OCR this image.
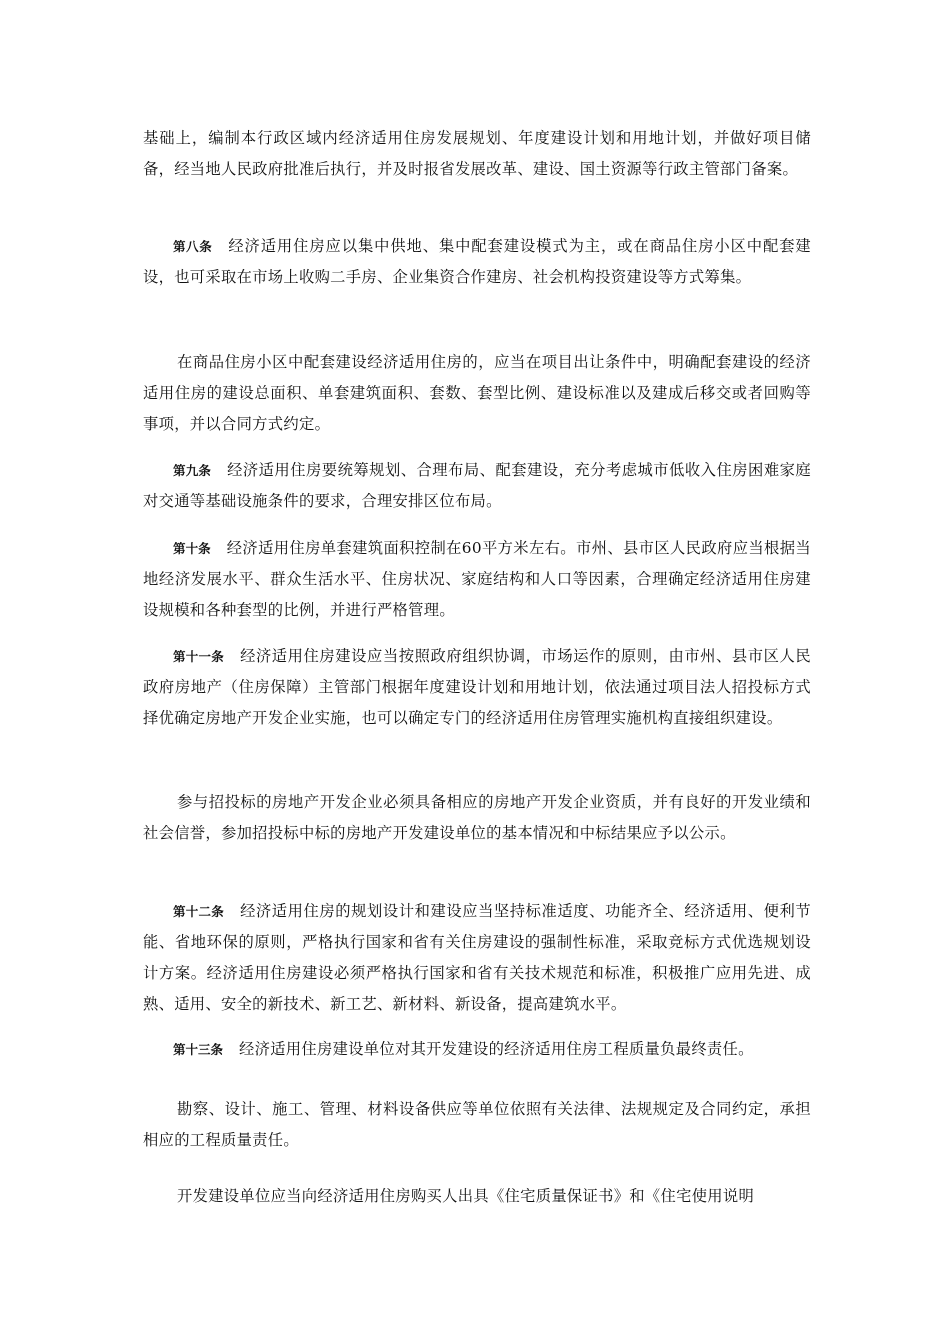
基础上，编制本行政区域内经济适用住房发展规划、年度建设计划和用地计划，并做好项目储备，经当地人民政府批准后执行，并及时报省发展改革、建设、国土资源等行政主管部门备案。

第八条 经济适用住房应以集中供地、集中配套建设模式为主，或在商品住房小区中配套建设，也可采取在市场上收购二手房、企业集资合作建房、社会机构投资建设等方式筹集。

在商品住房小区中配套建设经济适用住房的，应当在项目出让条件中，明确配套建设的经济适用住房的建设总面积、单套建筑面积、套数、套型比例、建设标准以及建成后移交或者回购等事项，并以合同方式约定。

第九条 经济适用住房要统筹规划、合理布局、配套建设，充分考虑城市低收入住房困难家庭对交通等基础设施条件的要求，合理安排区位布局。

第十条 经济适用住房单套建筑面积控制在60平方米左右。市州、县市区人民政府应当根据当地经济发展水平、群众生活水平、住房状况、家庭结构和人口等因素，合理确定经济适用住房建设规模和各种套型的比例，并进行严格管理。

第十一条 经济适用住房建设应当按照政府组织协调，市场运作的原则，由市州、县市区人民政府房地产（住房保障）主管部门根据年度建设计划和用地计划，依法通过项目法人招投标方式择优确定房地产开发企业实施，也可以确定专门的经济适用住房管理实施机构直接组织建设。

参与招投标的房地产开发企业必须具备相应的房地产开发企业资质，并有良好的开发业绩和社会信誉，参加招投标中标的房地产开发建设单位的基本情况和中标结果应予以公示。

第十二条 经济适用住房的规划设计和建设应当坚持标准适度、功能齐全、经济适用、便利节能、省地环保的原则，严格执行国家和省有关住房建设的强制性标准，采取竞标方式优选规划设计方案。经济适用住房建设必须严格执行国家和省有关技术规范和标准，积极推广应用先进、成熟、适用、安全的新技术、新工艺、新材料、新设备，提高建筑水平。

第十三条 经济适用住房建设单位对其开发建设的经济适用住房工程质量负最终责任。

勘察、设计、施工、管理、材料设备供应等单位依照有关法律、法规规定及合同约定，承担相应的工程质量责任。

开发建设单位应当向经济适用住房购买人出具《住宅质量保证书》和《住宅使用说明
